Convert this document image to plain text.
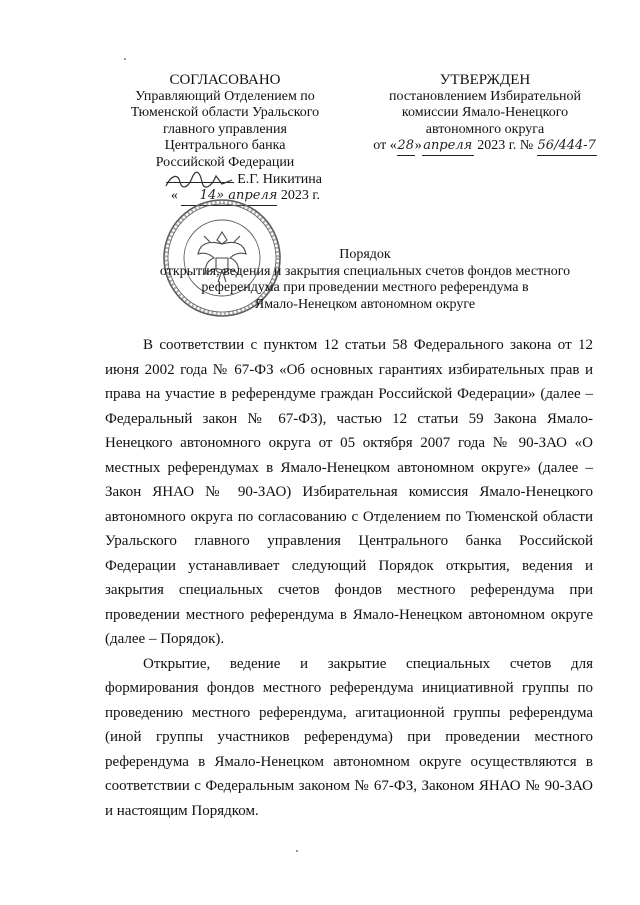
СОГЛАСОВАНО
Управляющий Отделением по
Тюменской области Уральского
главного управления
Центрального банка
Российской Федерации
Е.Г. Никитина
« 14» апреля 2023 г.
УТВЕРЖДЕН
постановлением Избирательной
комиссии Ямало-Ненецкого
автономного округа
от «28»апреля 2023 г. № 56/444-7
Порядок
открытия, ведения и закрытия специальных счетов фондов местного
референдума при проведении местного референдума в
Ямало-Ненецком автономном округе

В соответствии с пунктом 12 статьи 58 Федерального закона от 12 июня 2002 года № 67-ФЗ «Об основных гарантиях избирательных прав и права на участие в референдуме граждан Российской Федерации» (далее – Федеральный закон № 67-ФЗ), частью 12 статьи 59 Закона Ямало-Ненецкого автономного округа от 05 октября 2007 года № 90-ЗАО «О местных референдумах в Ямало-Ненецком автономном округе» (далее – Закон ЯНАО № 90-ЗАО) Избирательная комиссия Ямало-Ненецкого автономного округа по согласованию с Отделением по Тюменской области Уральского главного управления Центрального банка Российской Федерации устанавливает следующий Порядок открытия, ведения и закрытия специальных счетов фондов местного референдума при проведении местного референдума в Ямало-Ненецком автономном округе (далее – Порядок).

Открытие, ведение и закрытие специальных счетов для формирования фондов местного референдума инициативной группы по проведению местного референдума, агитационной группы референдума (иной группы участников референдума) при проведении местного референдума в Ямало-Ненецком автономном округе осуществляются в соответствии с Федеральным законом № 67-ФЗ, Законом ЯНАО № 90-ЗАО и настоящим Порядком.
